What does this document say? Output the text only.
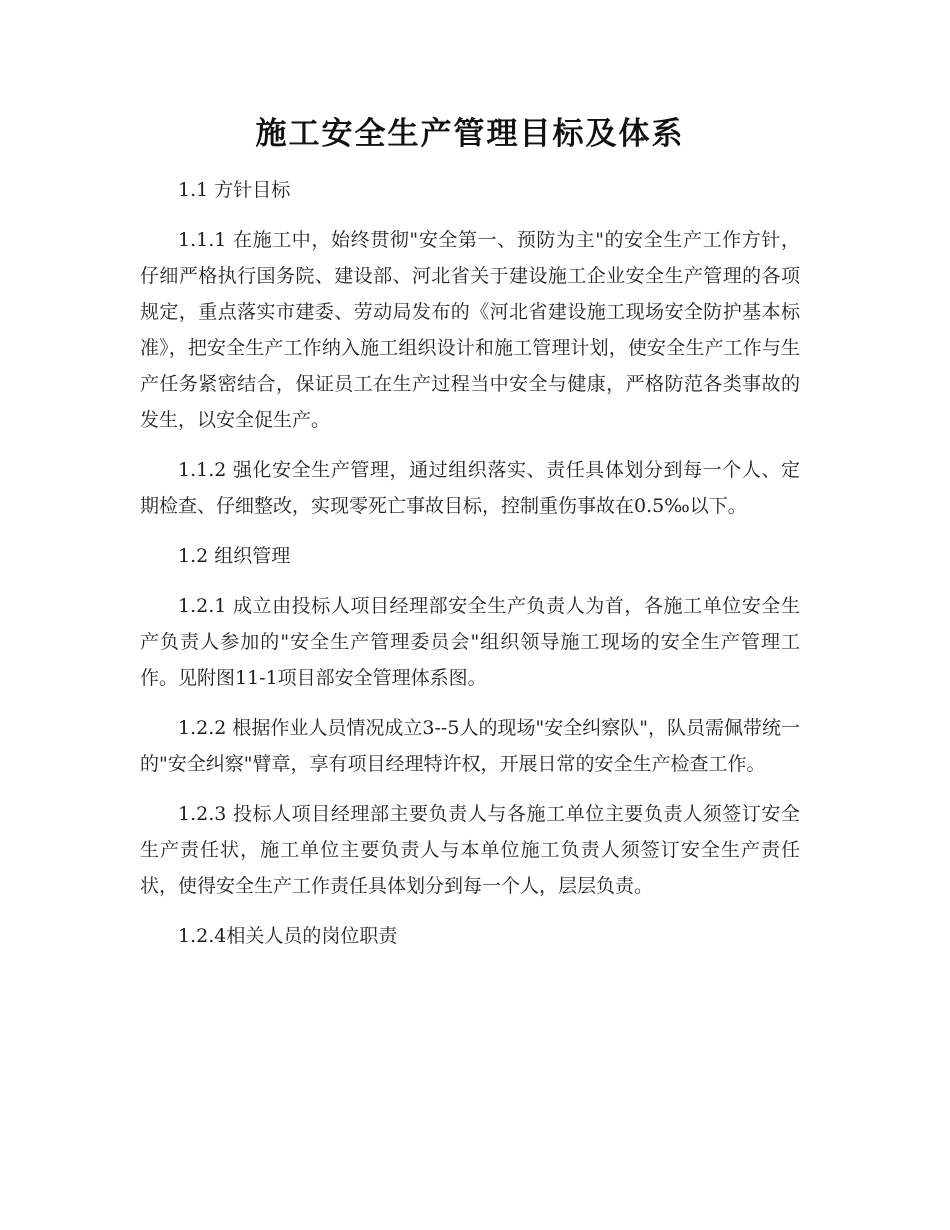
施工安全生产管理目标及体系

1.1 方针目标

1.1.1 在施工中，始终贯彻"安全第一、预防为主"的安全生产工作方针，仔细严格执行国务院、建设部、河北省关于建设施工企业安全生产管理的各项规定，重点落实市建委、劳动局发布的《河北省建设施工现场安全防护基本标准》，把安全生产工作纳入施工组织设计和施工管理计划，使安全生产工作与生产任务紧密结合，保证员工在生产过程当中安全与健康，严格防范各类事故的发生，以安全促生产。

1.1.2 强化安全生产管理，通过组织落实、责任具体划分到每一个人、定期检查、仔细整改，实现零死亡事故目标，控制重伤事故在0.5‰以下。

1.2 组织管理

1.2.1 成立由投标人项目经理部安全生产负责人为首，各施工单位安全生产负责人参加的"安全生产管理委员会"组织领导施工现场的安全生产管理工作。见附图11-1项目部安全管理体系图。

1.2.2 根据作业人员情况成立3--5人的现场"安全纠察队"，队员需佩带统一的"安全纠察"臂章，享有项目经理特许权，开展日常的安全生产检查工作。

1.2.3 投标人项目经理部主要负责人与各施工单位主要负责人须签订安全生产责任状，施工单位主要负责人与本单位施工负责人须签订安全生产责任状，使得安全生产工作责任具体划分到每一个人，层层负责。

1.2.4相关人员的岗位职责
